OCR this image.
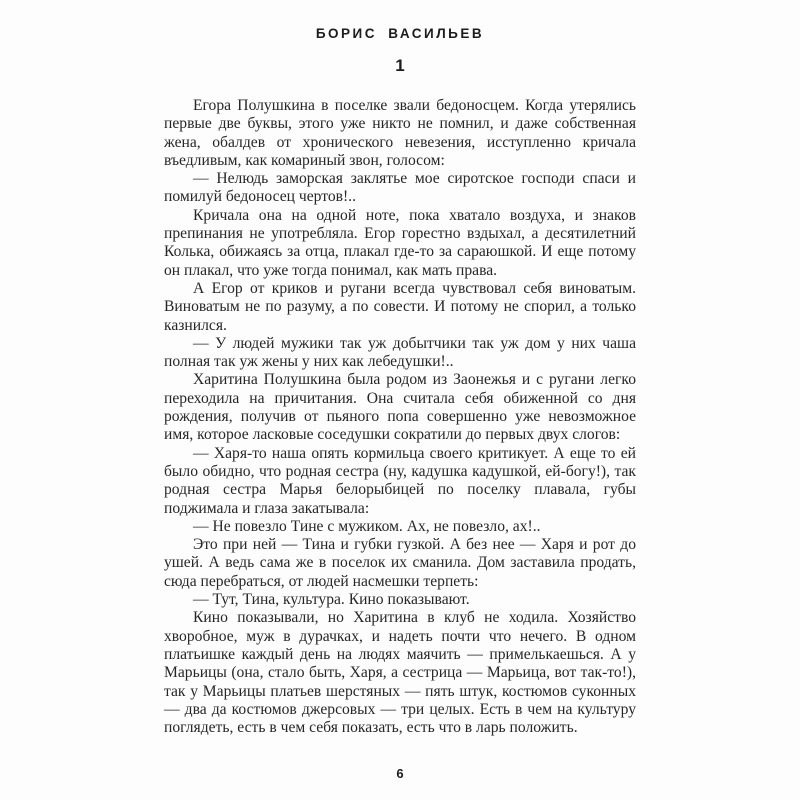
БОРИС ВАСИЛЬЕВ
1

Егора Полушкина в поселке звали бедоносцем. Когда утерялись первые две буквы, этого уже никто не помнил, и даже собственная жена, обалдев от хронического невезения, исступленно кричала въедливым, как комариный звон, голосом:

— Нелюдь заморская заклятье мое сиротское господи спаси и помилуй бедоносец чертов!..

Кричала она на одной ноте, пока хватало воздуха, и знаков препинания не употребляла. Егор горестно вздыхал, а десятилетний Колька, обижаясь за отца, плакал где-то за сараюшкой. И еще потому он плакал, что уже тогда понимал, как мать права.

А Егор от криков и ругани всегда чувствовал себя виноватым. Виноватым не по разуму, а по совести. И потому не спорил, а только казнился.

— У людей мужики так уж добытчики так уж дом у них чаша полная так уж жены у них как лебедушки!..

Харитина Полушкина была родом из Заонежья и с ругани легко переходила на причитания. Она считала себя обиженной со дня рождения, получив от пьяного попа совершенно уже невозможное имя, которое ласковые соседушки сократили до первых двух слогов:

— Харя-то наша опять кормильца своего критикует. А еще то ей было обидно, что родная сестра (ну, кадушка кадушкой, ей-богу!), так родная сестра Марья белорыбицей по поселку плавала, губы поджимала и глаза закатывала:

— Не повезло Тине с мужиком. Ах, не повезло, ах!..

Это при ней — Тина и губки гузкой. А без нее — Харя и рот до ушей. А ведь сама же в поселок их сманила. Дом заставила продать, сюда перебраться, от людей насмешки терпеть:

— Тут, Тина, культура. Кино показывают.

Кино показывали, но Харитина в клуб не ходила. Хозяйство хворобное, муж в дурачках, и надеть почти что нечего. В одном платьишке каждый день на людях маячить — примелькаешься. А у Марьицы (она, стало быть, Харя, а сестрица — Марьица, вот так-то!), так у Марьицы платьев шерстяных — пять штук, костюмов суконных — два да костюмов джерсовых — три целых. Есть в чем на культуру поглядеть, есть в чем себя показать, есть что в ларь положить.

6
